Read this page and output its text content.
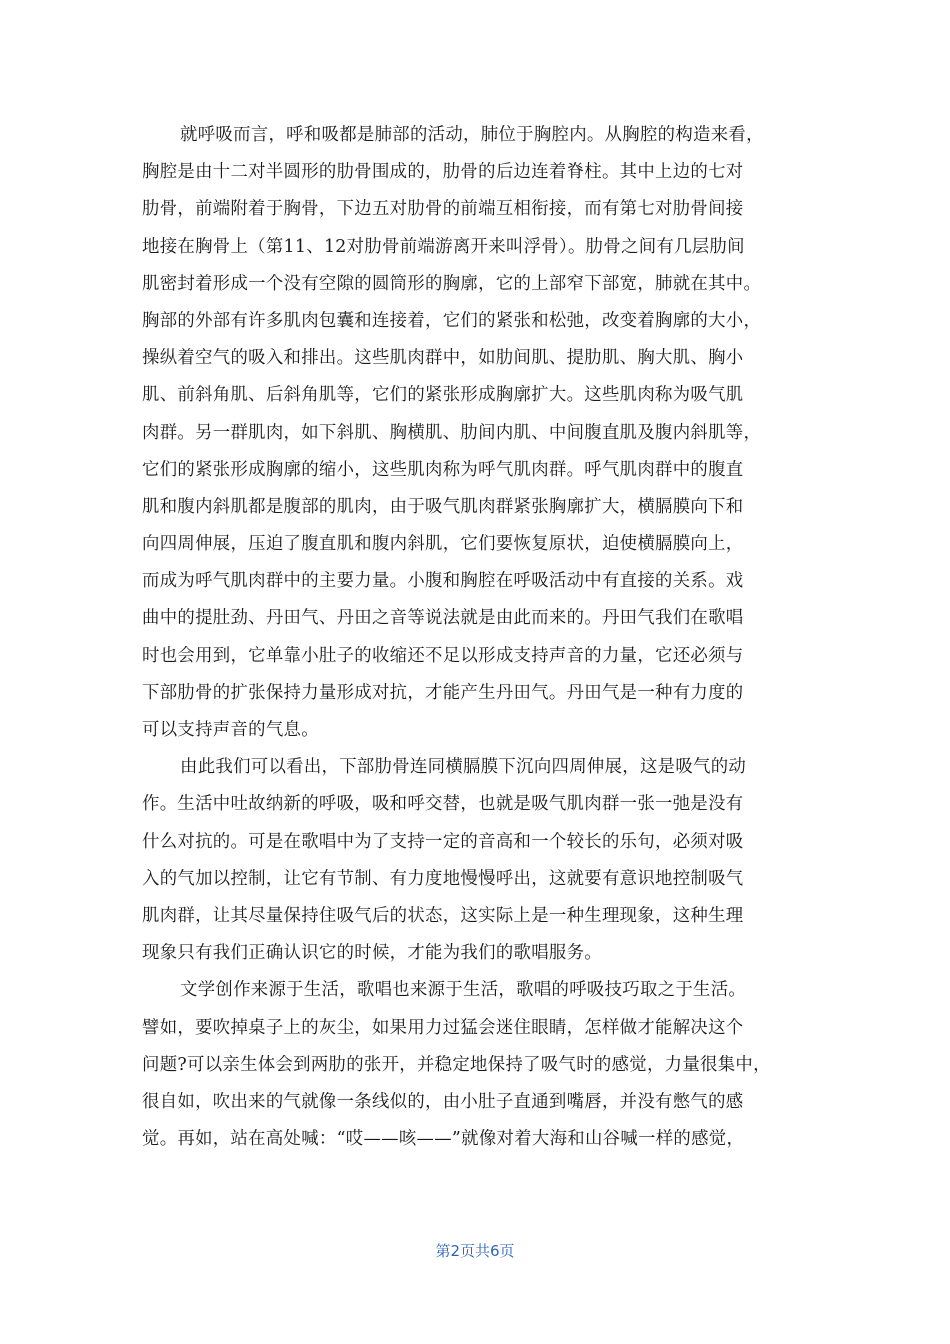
就呼吸而言，呼和吸都是肺部的活动，肺位于胸腔内。从胸腔的构造来看，
胸腔是由十二对半圆形的肋骨围成的，肋骨的后边连着脊柱。其中上边的七对
肋骨，前端附着于胸骨，下边五对肋骨的前端互相衔接，而有第七对肋骨间接
地接在胸骨上（第11、12对肋骨前端游离开来叫浮骨）。肋骨之间有几层肋间
肌密封着形成一个没有空隙的圆筒形的胸廓，它的上部窄下部宽，肺就在其中。
胸部的外部有许多肌肉包囊和连接着，它们的紧张和松弛，改变着胸廓的大小，
操纵着空气的吸入和排出。这些肌肉群中，如肋间肌、提肋肌、胸大肌、胸小
肌、前斜角肌、后斜角肌等，它们的紧张形成胸廓扩大。这些肌肉称为吸气肌
肉群。另一群肌肉，如下斜肌、胸横肌、肋间内肌、中间腹直肌及腹内斜肌等，
它们的紧张形成胸廓的缩小，这些肌肉称为呼气肌肉群。呼气肌肉群中的腹直
肌和腹内斜肌都是腹部的肌肉，由于吸气肌肉群紧张胸廓扩大，横膈膜向下和
向四周伸展，压迫了腹直肌和腹内斜肌，它们要恢复原状，迫使横膈膜向上，
而成为呼气肌肉群中的主要力量。小腹和胸腔在呼吸活动中有直接的关系。戏
曲中的提肚劲、丹田气、丹田之音等说法就是由此而来的。丹田气我们在歌唱
时也会用到，它单靠小肚子的收缩还不足以形成支持声音的力量，它还必须与
下部肋骨的扩张保持力量形成对抗，才能产生丹田气。丹田气是一种有力度的
可以支持声音的气息。
由此我们可以看出，下部肋骨连同横膈膜下沉向四周伸展，这是吸气的动
作。生活中吐故纳新的呼吸，吸和呼交替，也就是吸气肌肉群一张一弛是没有
什么对抗的。可是在歌唱中为了支持一定的音高和一个较长的乐句，必须对吸
入的气加以控制，让它有节制、有力度地慢慢呼出，这就要有意识地控制吸气
肌肉群，让其尽量保持住吸气后的状态，这实际上是一种生理现象，这种生理
现象只有我们正确认识它的时候，才能为我们的歌唱服务。
文学创作来源于生活，歌唱也来源于生活，歌唱的呼吸技巧取之于生活。
譬如，要吹掉桌子上的灰尘，如果用力过猛会迷住眼睛，怎样做才能解决这个
问题?可以亲生体会到两肋的张开，并稳定地保持了吸气时的感觉，力量很集中，
很自如，吹出来的气就像一条线似的，由小肚子直通到嘴唇，并没有憋气的感
觉。再如，站在高处喊：“哎——咳——”就像对着大海和山谷喊一样的感觉，
第2页共6页
